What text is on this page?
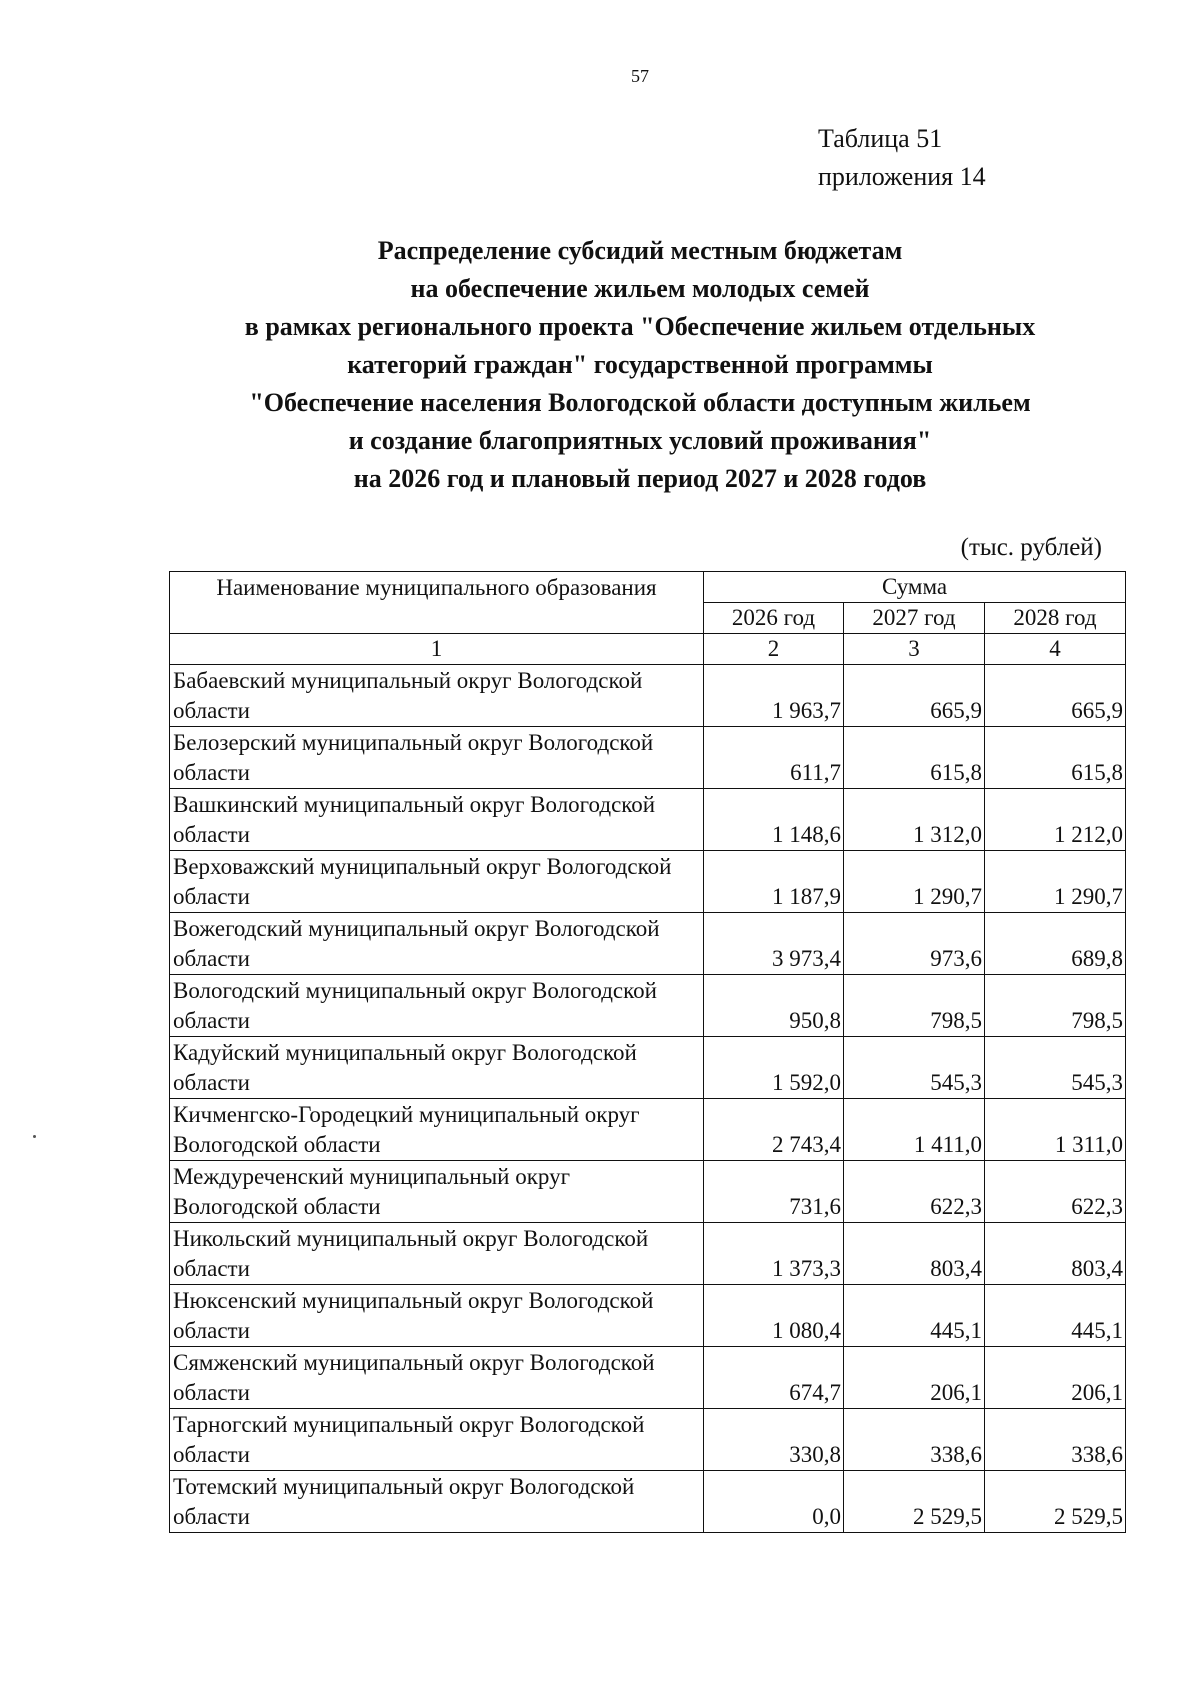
57
Таблица 51
приложения 14
Распределение субсидий местным бюджетам
на обеспечение жильем молодых семей
в рамках регионального проекта "Обеспечение жильем отдельных
категорий граждан" государственной программы
"Обеспечение населения Вологодской области доступным жильем
и создание благоприятных условий проживания"
на 2026 год и плановый период 2027 и 2028 годов
(тыс. рублей)
Наименование муниципального образования	Сумма		
	2026 год	2027 год	2028 год
1	2	3	4

Бабаевский муниципальный округ Вологодской
области	1 963,7	665,9	665,9

Белозерский муниципальный округ Вологодской
области	611,7	615,8	615,8

Вашкинский муниципальный округ Вологодской
области	1 148,6	1 312,0	1 212,0

Верховажский муниципальный округ Вологодской
области	1 187,9	1 290,7	1 290,7

Вожегодский муниципальный округ Вологодской
области	3 973,4	973,6	689,8

Вологодский муниципальный округ Вологодской
области	950,8	798,5	798,5

Кадуйский муниципальный округ Вологодской
области	1 592,0	545,3	545,3

Кичменгско-Городецкий муниципальный округ
Вологодской области	2 743,4	1 411,0	1 311,0

Междуреченский муниципальный округ
Вологодской области	731,6	622,3	622,3

Никольский муниципальный округ Вологодской
области	1 373,3	803,4	803,4

Нюксенский муниципальный округ Вологодской
области	1 080,4	445,1	445,1

Сямженский муниципальный округ Вологодской
области	674,7	206,1	206,1

Тарногский муниципальный округ Вологодской
области	330,8	338,6	338,6

Тотемский муниципальный округ Вологодской
области	0,0	2 529,5	2 529,5
